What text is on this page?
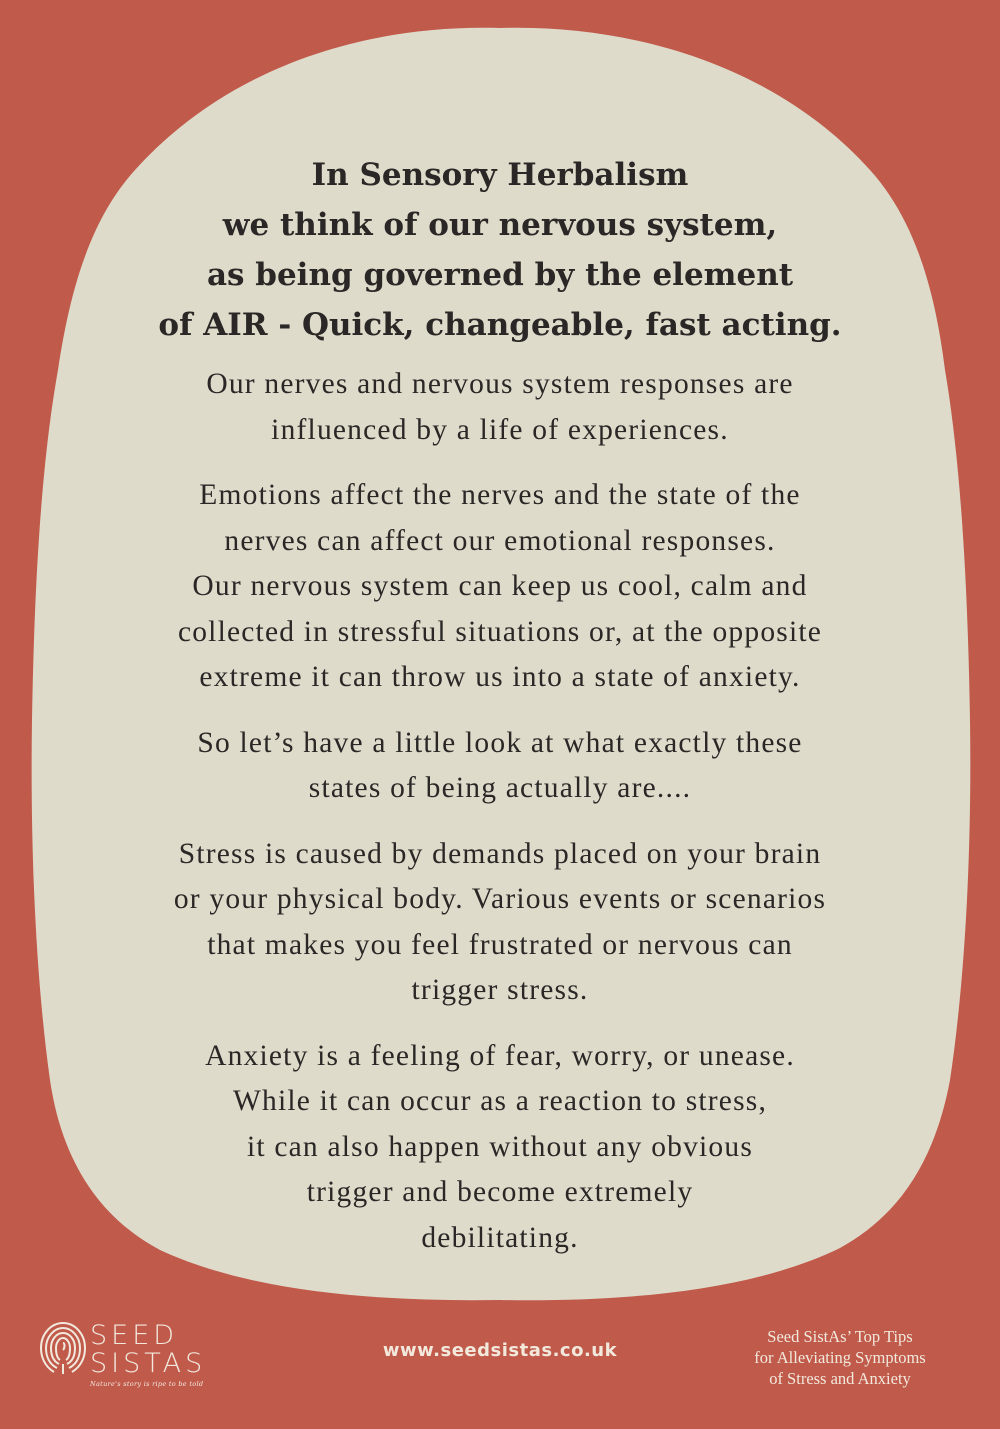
In Sensory Herbalism
we think of our nervous system,
as being governed by the element
of AIR - Quick, changeable, fast acting.
Our nerves and nervous system responses are
influenced by a life of experiences.
Emotions affect the nerves and the state of the
nerves can affect our emotional responses.
Our nervous system can keep us cool, calm and
collected in stressful situations or, at the opposite
extreme it can throw us into a state of anxiety.
So let’s have a little look at what exactly these
states of being actually are....
Stress is caused by demands placed on your brain
or your physical body. Various events or scenarios
that makes you feel frustrated or nervous can
trigger stress.
Anxiety is a feeling of fear, worry, or unease.
While it can occur as a reaction to stress,
it can also happen without any obvious
trigger and become extremely
debilitating.
SEED
SISTAS
Nature's story is ripe to be told
www.seedsistas.co.uk
Seed SistAs’ Top Tips
for Alleviating Symptoms
of Stress and Anxiety
